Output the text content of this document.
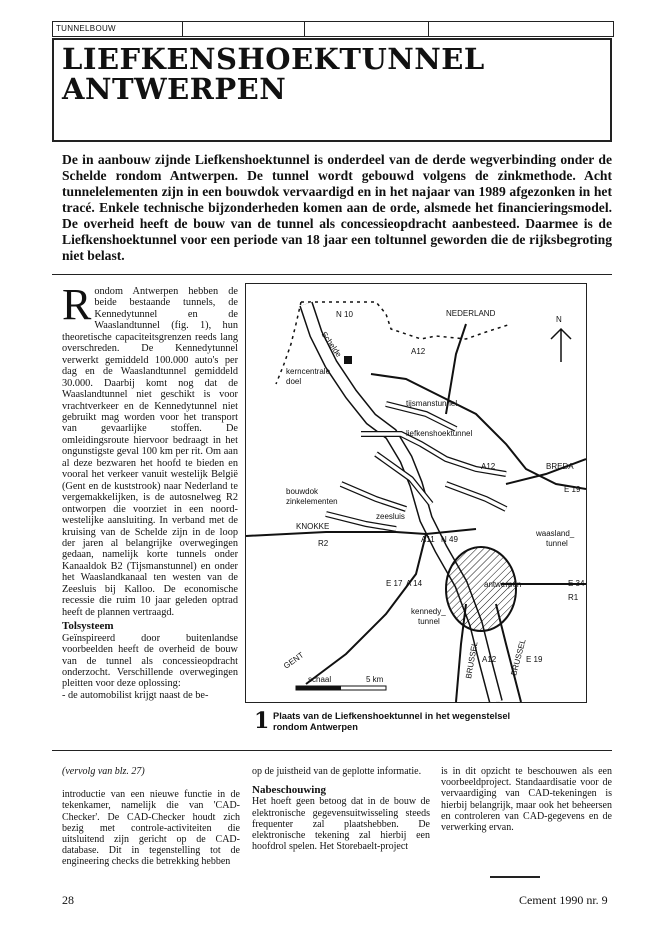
TUNNELBOUW
LIEFKENSHOEKTUNNEL
ANTWERPEN
De in aanbouw zijnde Liefkenshoektunnel is onderdeel van de derde wegverbinding onder de Schelde rondom Antwerpen. De tunnel wordt gebouwd volgens de zinkmethode. Acht tunnelelementen zijn in een bouwdok vervaardigd en in het najaar van 1989 afgezonken in het tracé. Enkele technische bijzonderheden komen aan de orde, alsmede het financieringsmodel. De overheid heeft de bouw van de tunnel als concessieopdracht aanbesteed. Daarmee is de Liefkenshoektunnel voor een periode van 18 jaar een toltunnel geworden die de rijksbegroting niet belast.
R ondom Antwerpen hebben de beide bestaande tunnels, de Kennedytunnel en de Waaslandtunnel (fig. 1), hun theoretische capaciteitsgrenzen reeds lang overschreden. De Kennedytunnel verwerkt gemiddeld 100.000 auto's per dag en de Waaslandtunnel gemiddeld 30.000. Daarbij komt nog dat de Waaslandtunnel niet geschikt is voor vrachtverkeer en de Kennedytunnel niet gebruikt mag worden voor het transport van gevaarlijke stoffen. De omleidingsroute hiervoor bedraagt in het ongunstigste geval 100 km per rit. Om aan al deze bezwaren het hoofd te bieden en vooral het verkeer vanuit westelijk België (Gent en de kuststrook) naar Nederland te vergemakkelijken, is de autosnelweg R2 ontworpen die voorziet in een noord-westelijke aansluiting. In verband met de kruising van de Schelde zijn in de loop der jaren al belangrijke overwegingen gedaan, namelijk korte tunnels onder Kanaaldok B2 (Tijsmanstunnel) en onder het Waaslandkanaal ten westen van de Zeesluis bij Kalloo. De economische recessie die ruim 10 jaar geleden optrad heeft de plannen vertraagd.
Tolsysteem
Geïnspireerd door buitenlandse voorbeelden heeft de overheid de bouw van de tunnel als concessieopdracht onderzocht. Verschillende overwegingen pleitten voor deze oplossing:
- de automobilist krijgt naast de be-
NEDERLAND
N
N 10
A12
Schelde
kerncentrale
doel
tijsmanstunnel
liefkenshoektunnel
A12	BREDA
E 19
bouwdok
zinkelementen
zeesluis
KNOKKE
A11 N 49
waasland_
tunnel
R2
E 17 A 14	antwerpen	E 34
R1
kennedy_
tunnel
GENT	BRUSSEL A12 BRUSSEL
E 19
schaal	5 km
1 Plaats van de Liefkenshoektunnel in het wegenstelsel
rondom Antwerpen
(vervolg van blz. 27)
introductie van een nieuwe functie in de tekenkamer, namelijk die van 'CAD-Checker'. De CAD-Checker houdt zich bezig met controle-activiteiten die uitsluitend zijn gericht op de CAD-database. Dit in tegenstelling tot de engineering checks die betrekking hebben
op de juistheid van de geplotte informatie.
Nabeschouwing
Het hoeft geen betoog dat in de bouw de elektronische gegevensuitwisseling steeds frequenter zal plaatshebben. De elektronische tekening zal hierbij een hoofdrol spelen. Het Storebaelt-project
is in dit opzicht te beschouwen als een voorbeeldproject. Standaardisatie voor de vervaardiging van CAD-tekeningen is hierbij belangrijk, maar ook het beheersen en controleren van CAD-gegevens en de verwerking ervan.
28	Cement 1990 nr. 9
